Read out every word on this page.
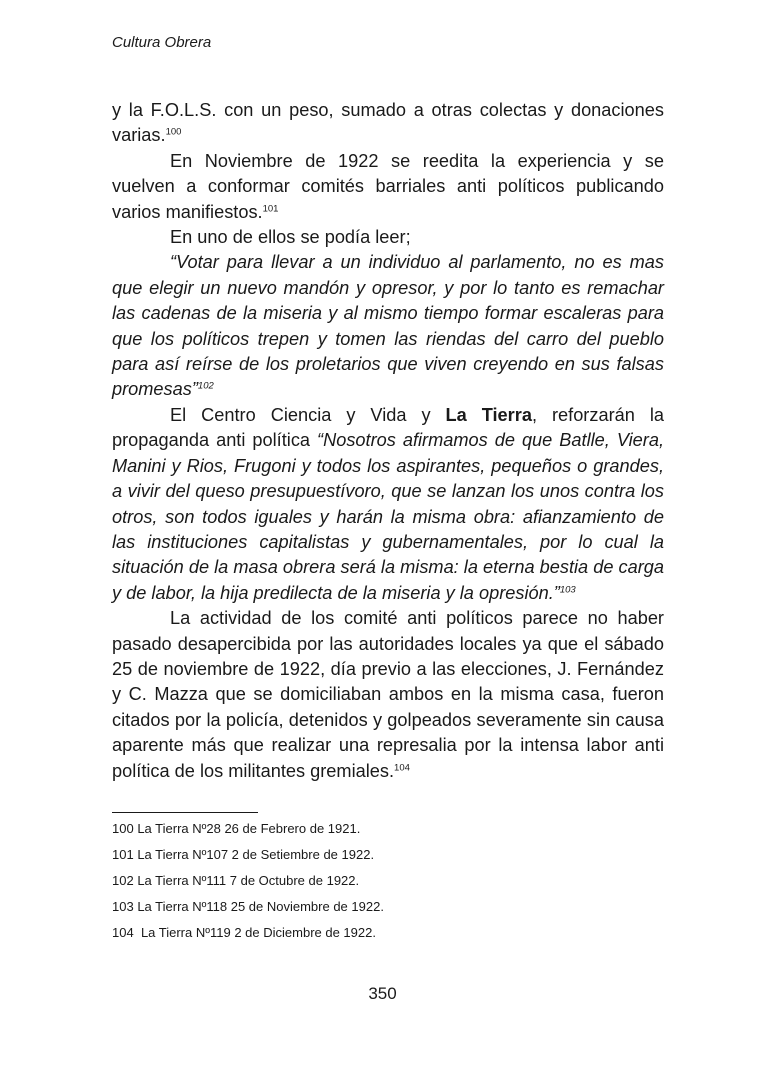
Cultura Obrera

y la F.O.L.S. con un peso, sumado a otras colectas y donaciones varias.$^{100}$

En Noviembre de 1922 se reedita la experiencia y se vuelven a conformar comités barriales anti políticos publicando varios manifiestos.$^{101}$

En uno de ellos se podía leer;

“Votar para llevar a un individuo al parlamento, no es mas que elegir un nuevo mandón y opresor, y por lo tanto es remachar las cadenas de la miseria y al mismo tiempo formar escaleras para que los políticos trepen y tomen las riendas del carro del pueblo para así reírse de los proletarios que viven creyendo en sus falsas promesas”$^{102}$

El Centro Ciencia y Vida y La Tierra, reforzarán la propaganda anti política “Nosotros afirmamos de que Batlle, Viera, Manini y Rios, Frugoni y todos los aspirantes, pequeños o grandes, a vivir del queso presupuestívoro, que se lanzan los unos contra los otros, son todos iguales y harán la misma obra: afianzamiento de las instituciones capitalistas y gubernamentales, por lo cual la situación de la masa obrera será la misma: la eterna bestia de carga y de labor, la hija predilecta de la miseria y la opresión.”$^{103}$

La actividad de los comité anti políticos parece no haber pasado desapercibida por las autoridades locales ya que el sábado 25 de noviembre de 1922, día previo a las elecciones, J. Fernández y C. Mazza que se domiciliaban ambos en la misma casa, fueron citados por la policía, detenidos y golpeados severamente sin causa aparente más que realizar una represalia por la intensa labor anti política de los militantes gremiales.$^{104}$

100 La Tierra Nº28 26 de Febrero de 1921.
101 La Tierra Nº107 2 de Setiembre de 1922.
102 La Tierra Nº111 7 de Octubre de 1922.
103 La Tierra Nº118 25 de Noviembre de 1922.
104 La Tierra Nº119 2 de Diciembre de 1922.
350
